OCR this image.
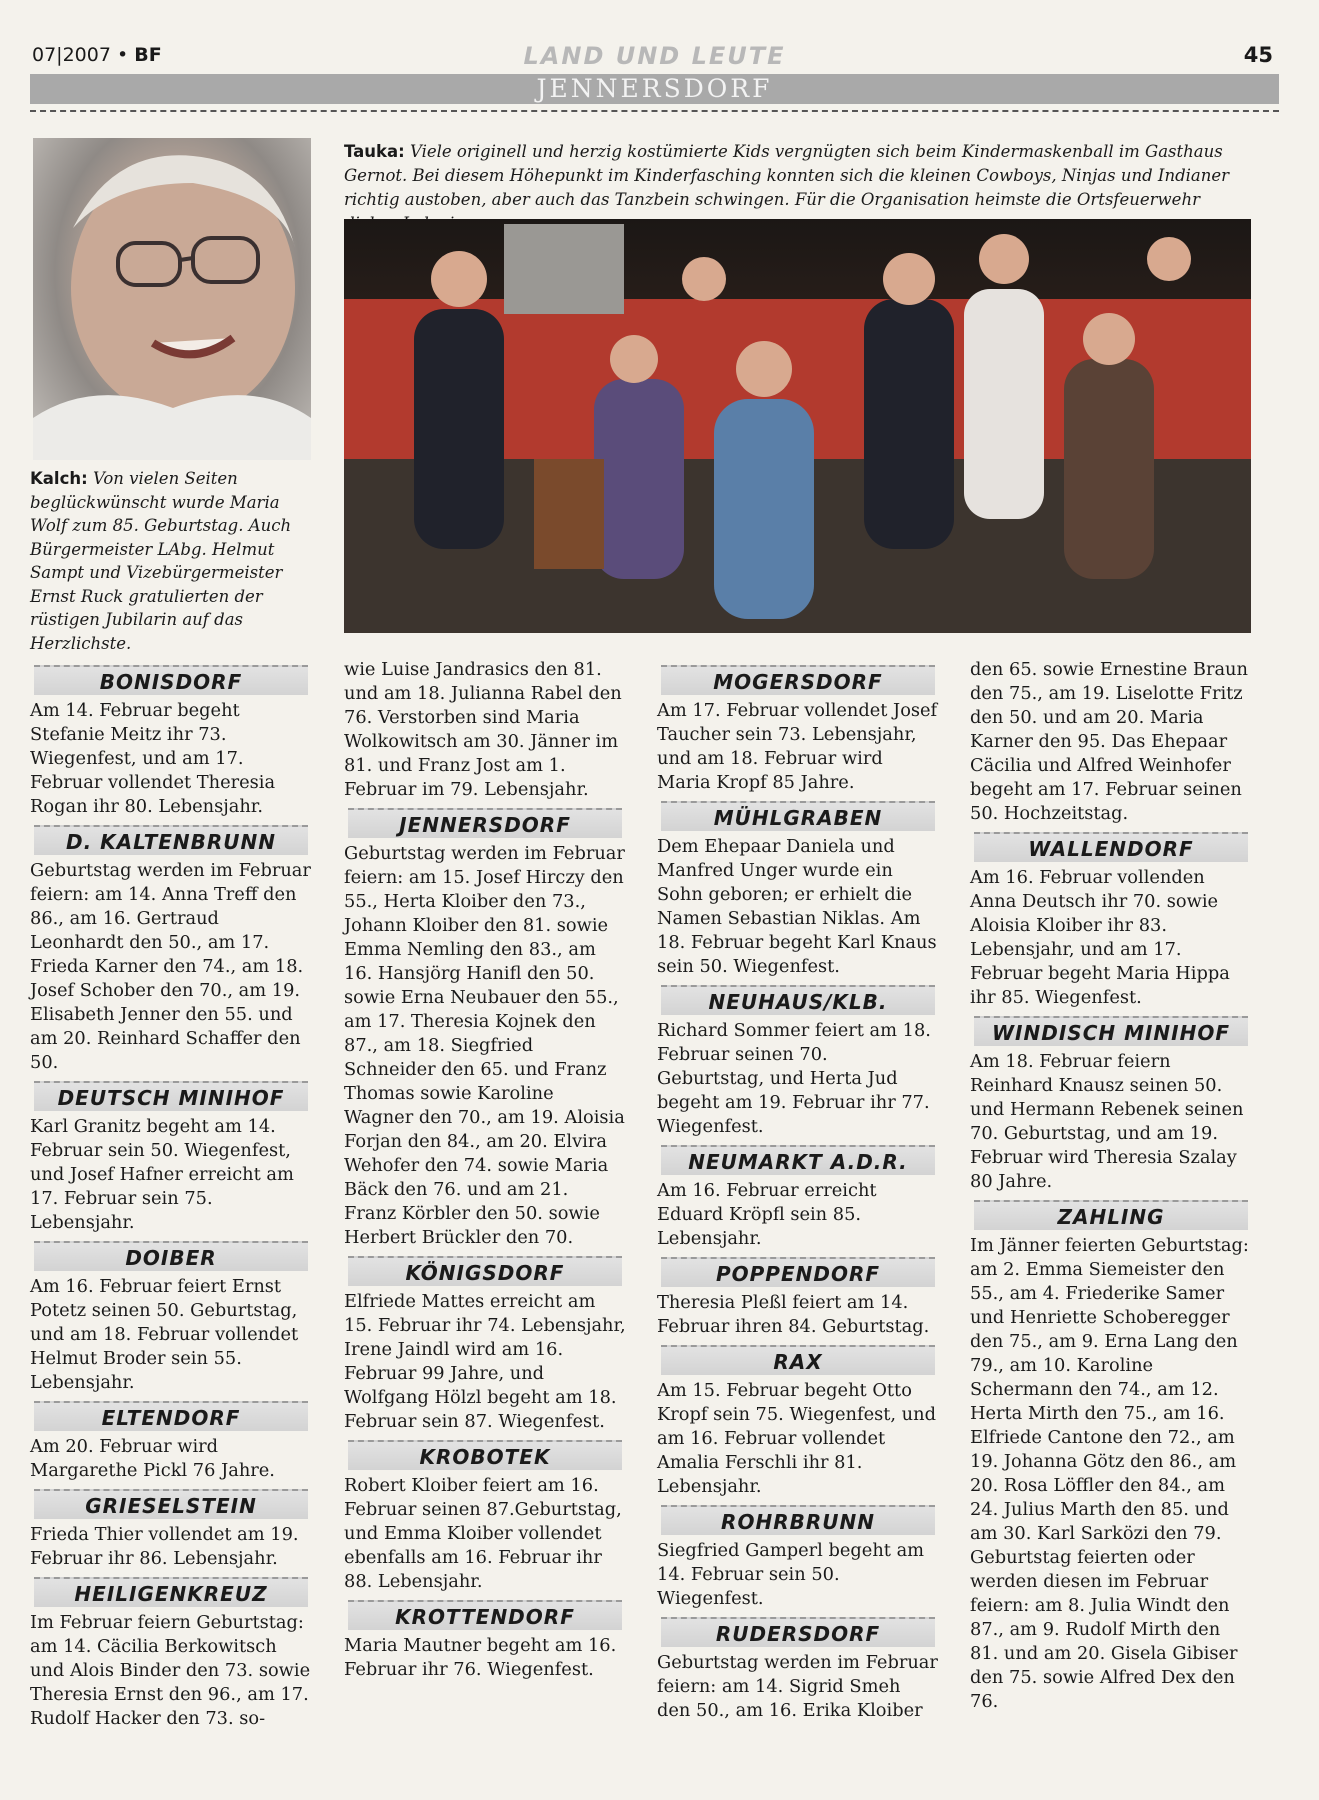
07|2007 • BF	LAND UND LEUTE	45
JENNERSDORF
Kalch: Von vielen Seiten beglückwünscht wurde Maria Wolf zum 85. Geburtstag. Auch Bürgermeister LAbg. Helmut Sampt und Vizebürgermeister Ernst Ruck gratulierten der rüstigen Jubilarin auf das Herzlichste.
Tauka: Viele originell und herzig kostümierte Kids vergnügten sich beim Kindermaskenball im Gasthaus Gernot. Bei diesem Höhepunkt im Kinderfasching konnten sich die kleinen Cowboys, Ninjas und Indianer richtig austoben, aber auch das Tanzbein schwingen. Für die Organisation heimste die Ortsfeuerwehr
BONISDORF

Am 14. Februar begeht Stefanie Meitz ihr 73. Wiegenfest, und am 17. Februar vollendet Theresia Rogan ihr 80. Lebensjahr.

D. KALTENBRUNN

Geburtstag werden im Februar feiern: am 14. Anna Treff den 86., am 16. Gertraud Leonhardt den 50., am 17. Frieda Karner den 74., am 18. Josef Schober den 70., am 19. Elisabeth Jenner den 55. und am 20. Reinhard Schaffer den 50.

DEUTSCH MINIHOF

Karl Granitz begeht am 14. Februar sein 50. Wiegenfest, und Josef Hafner erreicht am 17. Februar sein 75. Lebensjahr.

DOIBER

Am 16. Februar feiert Ernst Potetz seinen 50. Geburtstag, und am 18. Februar vollendet Helmut Broder sein 55. Lebensjahr.

ELTENDORF

Am 20. Februar wird Margarethe Pickl 76 Jahre.

GRIESELSTEIN

Frieda Thier vollendet am 19. Februar ihr 86. Lebensjahr.

HEILIGENKREUZ

Im Februar feiern Geburtstag: am 14. Cäcilia Berkowitsch und Alois Binder den 73. sowie Theresia Ernst den 96., am 17. Rudolf Hacker den 73. so-

wie Luise Jandrasics den 81. und am 18. Julianna Rabel den 76. Verstorben sind Maria Wolkowitsch am 30. Jänner im 81. und Franz Jost am 1. Februar im 79. Lebensjahr.

JENNERSDORF

Geburtstag werden im Februar feiern: am 15. Josef Hirczy den 55., Herta Kloiber den 73., Johann Kloiber den 81. sowie Emma Nemling den 83., am 16. Hansjörg Hanifl den 50. sowie Erna Neubauer den 55., am 17. Theresia Kojnek den 87., am 18. Siegfried Schneider den 65. und Franz Thomas sowie Karoline Wagner den 70., am 19. Aloisia Forjan den 84., am 20. Elvira Wehofer den 74. sowie Maria Bäck den 76. und am 21. Franz Körbler den 50. sowie Herbert Brückler den 70.

KÖNIGSDORF

Elfriede Mattes erreicht am 15. Februar ihr 74. Lebensjahr, Irene Jaindl wird am 16. Februar 99 Jahre, und Wolfgang Hölzl begeht am 18. Februar sein 87. Wiegenfest.

KROBOTEK

Robert Kloiber feiert am 16. Februar seinen 87.Geburtstag, und Emma Kloiber vollendet ebenfalls am 16. Februar ihr 88. Lebensjahr.

KROTTENDORF

Maria Mautner begeht am 16. Februar ihr 76. Wiegenfest.

MOGERSDORF

Am 17. Februar vollendet Josef Taucher sein 73. Lebensjahr, und am 18. Februar wird Maria Kropf 85 Jahre.

MÜHLGRABEN

Dem Ehepaar Daniela und Manfred Unger wurde ein Sohn geboren; er erhielt die Namen Sebastian Niklas. Am 18. Februar begeht Karl Knaus sein 50. Wiegenfest.

NEUHAUS/KLB.

Richard Sommer feiert am 18. Februar seinen 70. Geburtstag, und Herta Jud begeht am 19. Februar ihr 77. Wiegenfest.

NEUMARKT A.D.R.

Am 16. Februar erreicht Eduard Kröpfl sein 85. Lebensjahr.

POPPENDORF

Theresia Pleßl feiert am 14. Februar ihren 84. Geburtstag.

RAX

Am 15. Februar begeht Otto Kropf sein 75. Wiegenfest, und am 16. Februar vollendet Amalia Ferschli ihr 81. Lebensjahr.

ROHRBRUNN

Siegfried Gamperl begeht am 14. Februar sein 50. Wiegenfest.

RUDERSDORF

Geburtstag werden im Februar feiern: am 14. Sigrid Smeh den 50., am 16. Erika Kloiber

den 65. sowie Ernestine Braun den 75., am 19. Liselotte Fritz den 50. und am 20. Maria Karner den 95. Das Ehepaar Cäcilia und Alfred Weinhofer begeht am 17. Februar seinen 50. Hochzeitstag.

WALLENDORF

Am 16. Februar vollenden Anna Deutsch ihr 70. sowie Aloisia Kloiber ihr 83. Lebensjahr, und am 17. Februar begeht Maria Hippa ihr 85. Wiegenfest.

WINDISCH MINIHOF

Am 18. Februar feiern Reinhard Knausz seinen 50. und Hermann Rebenek seinen 70. Geburtstag, und am 19. Februar wird Theresia Szalay 80 Jahre.

ZAHLING

Im Jänner feierten Geburtstag: am 2. Emma Siemeister den 55., am 4. Friederike Samer und Henriette Schoberegger den 75., am 9. Erna Lang den 79., am 10. Karoline Schermann den 74., am 12. Herta Mirth den 75., am 16. Elfriede Cantone den 72., am 19. Johanna Götz den 86., am 20. Rosa Löffler den 84., am 24. Julius Marth den 85. und am 30. Karl Sarközi den 79. Geburtstag feierten oder werden diesen im Februar feiern: am 8. Julia Windt den 87., am 9. Rudolf Mirth den 81. und am 20. Gisela Gibiser den 75. sowie Alfred Dex den 76.
